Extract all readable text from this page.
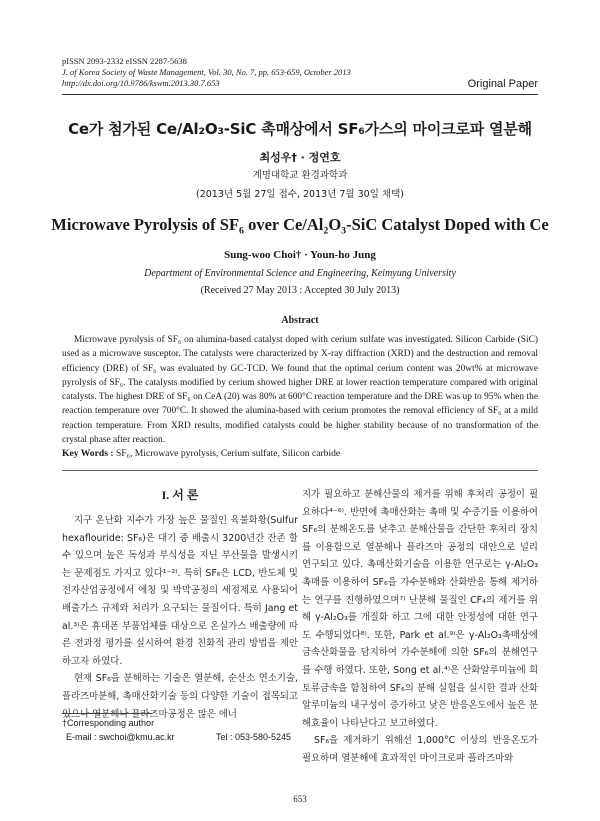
pISSN 2093-2332 eISSN 2287-5638
J. of Korea Society of Waste Management, Vol. 30, No. 7, pp. 653-659, October 2013
http://dx.doi.org/10.9786/kswm.2013.30.7.653	Original Paper
Ce가 첨가된 Ce/Al₂O₃-SiC 촉매상에서 SF₆가스의 마이크로파 열분해
최성우† · 정연호
계명대학교 환경과학과
(2013년 5월 27일 접수, 2013년 7월 30일 채택)
Microwave Pyrolysis of SF₆ over Ce/Al₂O₃-SiC Catalyst Doped with Ce
Sung-woo Choi† · Youn-ho Jung
Department of Environmental Science and Engineering, Keimyung University
(Received 27 May 2013 : Accepted 30 July 2013)
Abstract

Microwave pyrolysis of SF₆ on alumina-based catalyst doped with cerium sulfate was investigated. Silicon Carbide (SiC) used as a microwave susceptor. The catalysts were characterized by X-ray diffraction (XRD) and the destruction and removal efficiency (DRE) of SF₆ was evaluated by GC-TCD. We found that the optimal cerium content was 20wt% at microwave pyrolysis of SF₆. The catalysts modified by cerium showed higher DRE at lower reaction temperature compared with original catalysts. The highest DRE of SF₆ on CeA (20) was 80% at 600°C reaction temperature and the DRE was up to 95% when the reaction temperature over 700°C. It showed the alumina-based with cerium promotes the removal efficiency of SF₆ at a mild reaction temperature. From XRD results, modified catalysts could be higher stability because of no transformation of the crystal phase after reaction.

Key Words : SF₆, Microwave pyrolysis, Cerium sulfate, Silicon carbide
I. 서 론

지구 온난화 지수가 가장 높은 물질인 육불화황(Sulfur hexaflouride: SF₆)은 대기 중 배출시 3200년간 잔존 할 수 있으며 높은 독성과 부식성을 지닌 부산물을 발생시키는 문제점도 가지고 있다¹⁻²⁾. 특히 SF₆은 LCD, 반도체 및 전자산업공정에서 에칭 및 박막공정의 세정제로 사용되어 배출가스 규제와 처리가 요구되는 물질이다. 특히 Jang et al.³⁾은 휴대폰 부품업체를 대상으로 온실가스 배출량에 따른 전과정 평가를 실시하여 환경 친화적 관리 방법을 제안하고자 하였다.

현재 SF₆을 분해하는 기술은 열분해, 순산소 연소기술, 플라즈마분해, 촉매산화기술 등의 다양한 기술이 접목되고 있으나 열분해나 플라즈마공정은 많은 에너

지가 필요하고 분해산물의 제거를 위해 후처리 공정이 필요하다⁴⁻⁶⁾. 반면에 촉매산화는 촉매 및 수증기를 이용하여 SF₆의 분해온도를 낮추고 분해산물을 간단한 후처리 장치를 이용함으로 열분해나 플라즈마 공정의 대안으로 널리 연구되고 있다. 촉매산화기술을 이용한 연구로는 γ-Al₂O₃촉매를 이용하여 SF₆을 가수분해와 산화반응 통해 제거하는 연구를 진행하였으며⁷⁾ 난분해 물질인 CF₄의 제거를 위해 γ-Al₂O₃를 개질화 하고 그에 대한 안정성에 대한 연구도 수행되었다⁸⁾. 또한, Park et al.⁹⁾은 γ-Al₂O₃촉매상에 금속산화물을 담지하여 가수분해에 의한 SF₆의 분해연구를 수행 하였다. 또한, Song et al.⁴⁾은 산화알루미늄에 희토류금속을 함침하여 SF₆의 분해 실험을 실시한 결과 산화알루미늄의 내구성이 증가하고 낮은 반응온도에서 높은 분해효율이 나타난다고 보고하였다.

SF₆을 제거하기 위해선 1,000°C 이상의 반응온도가 필요하며 열분해에 효과적인 마이크로파 플라즈마와

†Corresponding author
E-mail : swchoi@kmu.ac.kr	Tel : 053-580-5245
653
